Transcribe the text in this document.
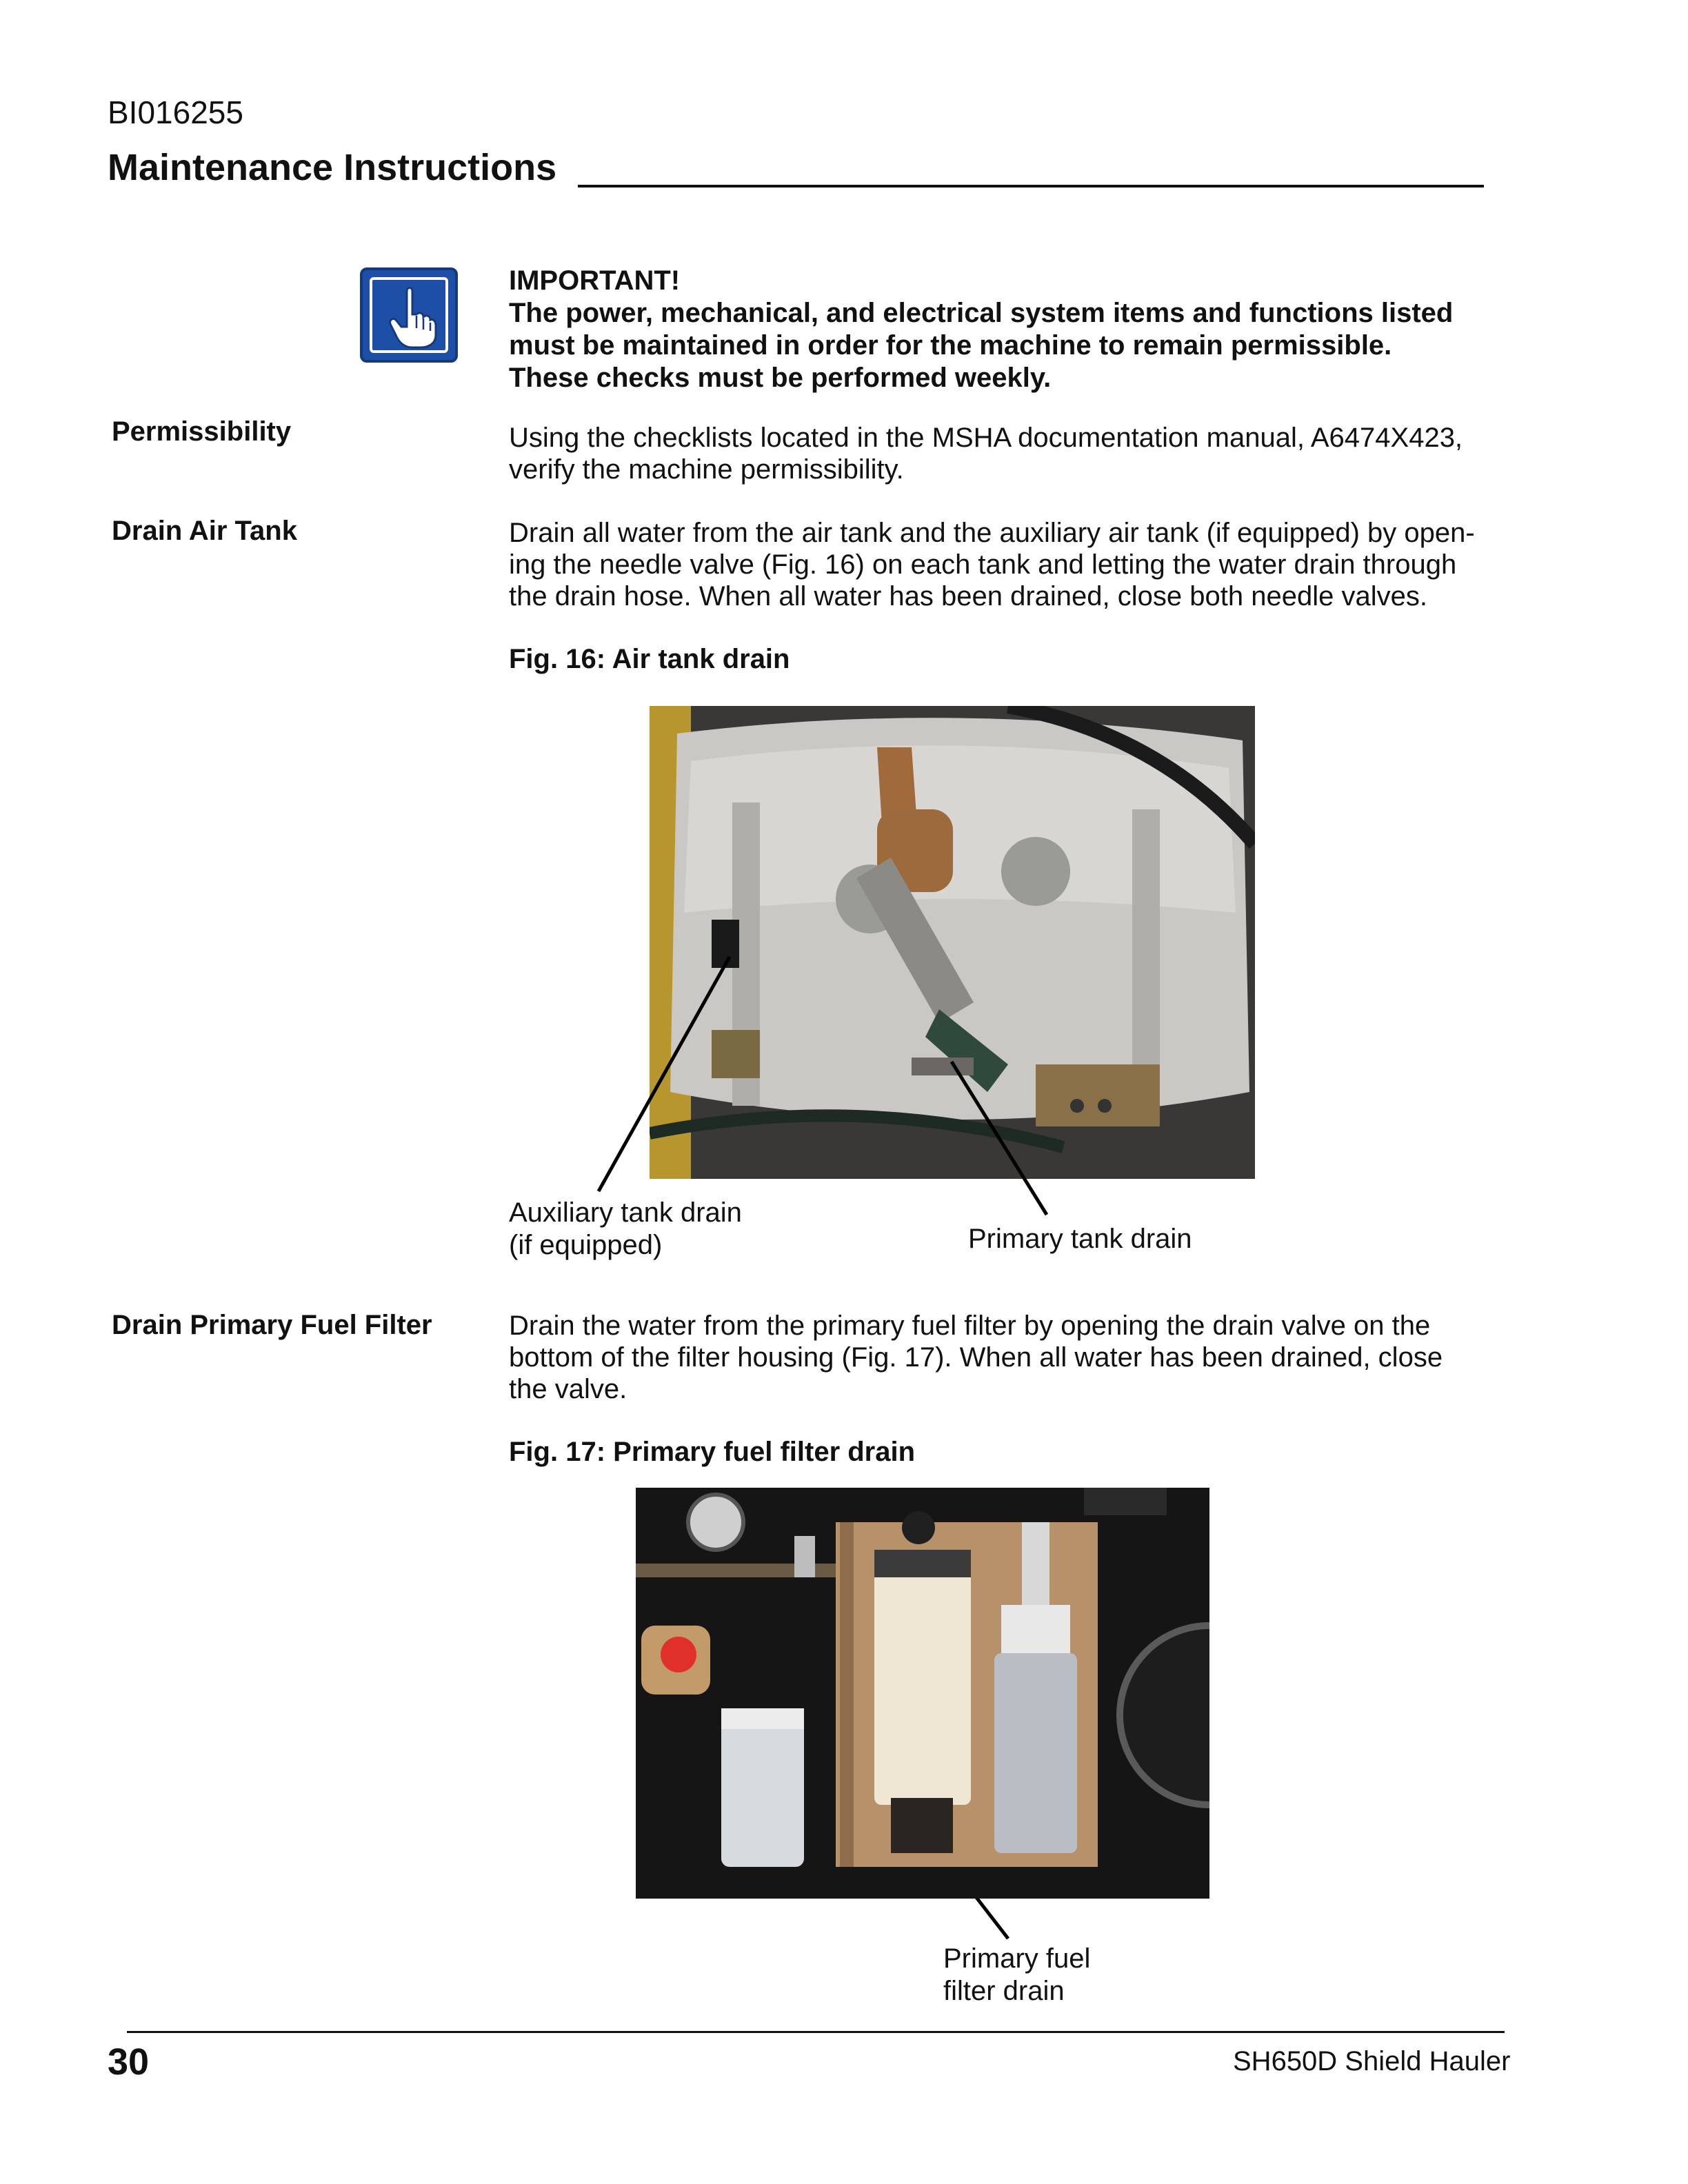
BI016255
Maintenance Instructions
IMPORTANT!
The power, mechanical, and electrical system items and functions listed
must be maintained in order for the machine to remain permissible.
These checks must be performed weekly.
Permissibility	Using the checklists located in the MSHA documentation manual, A6474X423,
verify the machine permissibility.
Drain Air Tank	Drain all water from the air tank and the auxiliary air tank (if equipped) by open-
ing the needle valve (Fig. 16) on each tank and letting the water drain through
the drain hose. When all water has been drained, close both needle valves.
Fig. 16: Air tank drain
Auxiliary tank drain
(if equipped)	Primary tank drain
Drain Primary Fuel Filter	Drain the water from the primary fuel filter by opening the drain valve on the
bottom of the filter housing (Fig. 17). When all water has been drained, close
the valve.
Fig. 17: Primary fuel filter drain
Primary fuel
filter drain
30	SH650D Shield Hauler
